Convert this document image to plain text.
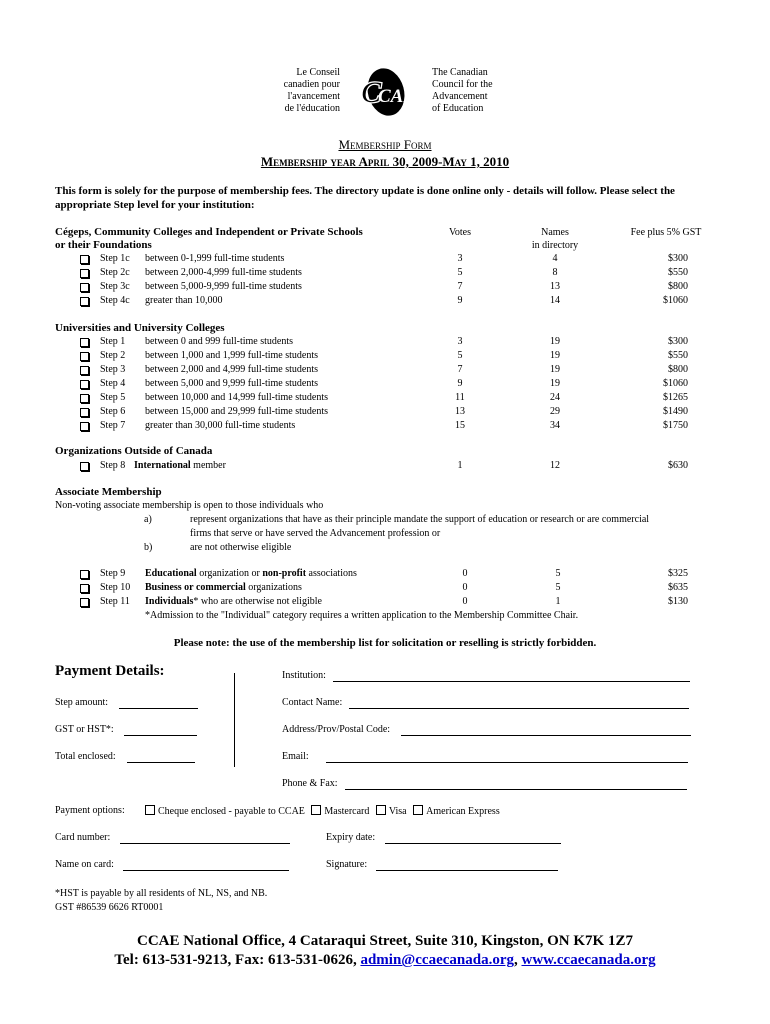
Le Conseil
canadien pour
l'avancement
de l'éducation C
CAE
The Canadian
Council for the
Advancement
of Education
Membership Form
Membership year April 30, 2009-May 1, 2010
This form is solely for the purpose of membership fees. The directory update is done online only - details will follow. Please select the
appropriate Step level for your institution:
Cégeps, Community Colleges and Independent or Private Schools
or their Foundations
Votes	Names
in directory
Fee plus 5% GST
Step 1c between 0-1,999 full-time students	3	4	$300
Step 2c between 2,000-4,999 full-time students	5	8	$550
Step 3c between 5,000-9,999 full-time students	7	13	$800
Step 4c greater than 10,000	9	14	$1060
Universities and University Colleges
Step 1 between 0 and 999 full-time students	3	19	$300
Step 2 between 1,000 and 1,999 full-time students	5	19	$550
Step 3 between 2,000 and 4,999 full-time students	7	19	$800
Step 4 between 5,000 and 9,999 full-time students	9	19	$1060
Step 5 between 10,000 and 14,999 full-time students	11	24	$1265
Step 6 between 15,000 and 29,999 full-time students	13	29	$1490
Step 7 greater than 30,000 full-time students	15	34	$1750
Organizations Outside of Canada
Step 8 International member	1	12	$630
Associate Membership
Non-voting associate membership is open to those individuals who
a)	represent organizations that have as their principle mandate the support of education or research or are commercial
firms that serve or have served the Advancement profession or
b)	are not otherwise eligible
Step 9 Educational organization or non-profit associations	0	5	$325
Step 10 Business or commercial organizations	0	5	$635
Step 11 Individuals* who are otherwise not eligible	0	1	$130
*Admission to the "Individual" category requires a written application to the Membership Committee Chair.
Please note: the use of the membership list for solicitation or reselling is strictly forbidden.
Payment Details:
Step amount:
GST or HST*:
Total enclosed:
Institution:
Contact Name:
Address/Prov/Postal Code:
Email:
Phone & Fax:
Payment options:	Cheque enclosed - payable to CCAE Mastercard Visa American Express
Card number:	Expiry date:
Name on card:	Signature:
*HST is payable by all residents of NL, NS, and NB.
GST #86539 6626 RT0001
CCAE National Office, 4 Cataraqui Street, Suite 310, Kingston, ON K7K 1Z7
Tel: 613-531-9213, Fax: 613-531-0626, admin@ccaecanada.org, www.ccaecanada.org
